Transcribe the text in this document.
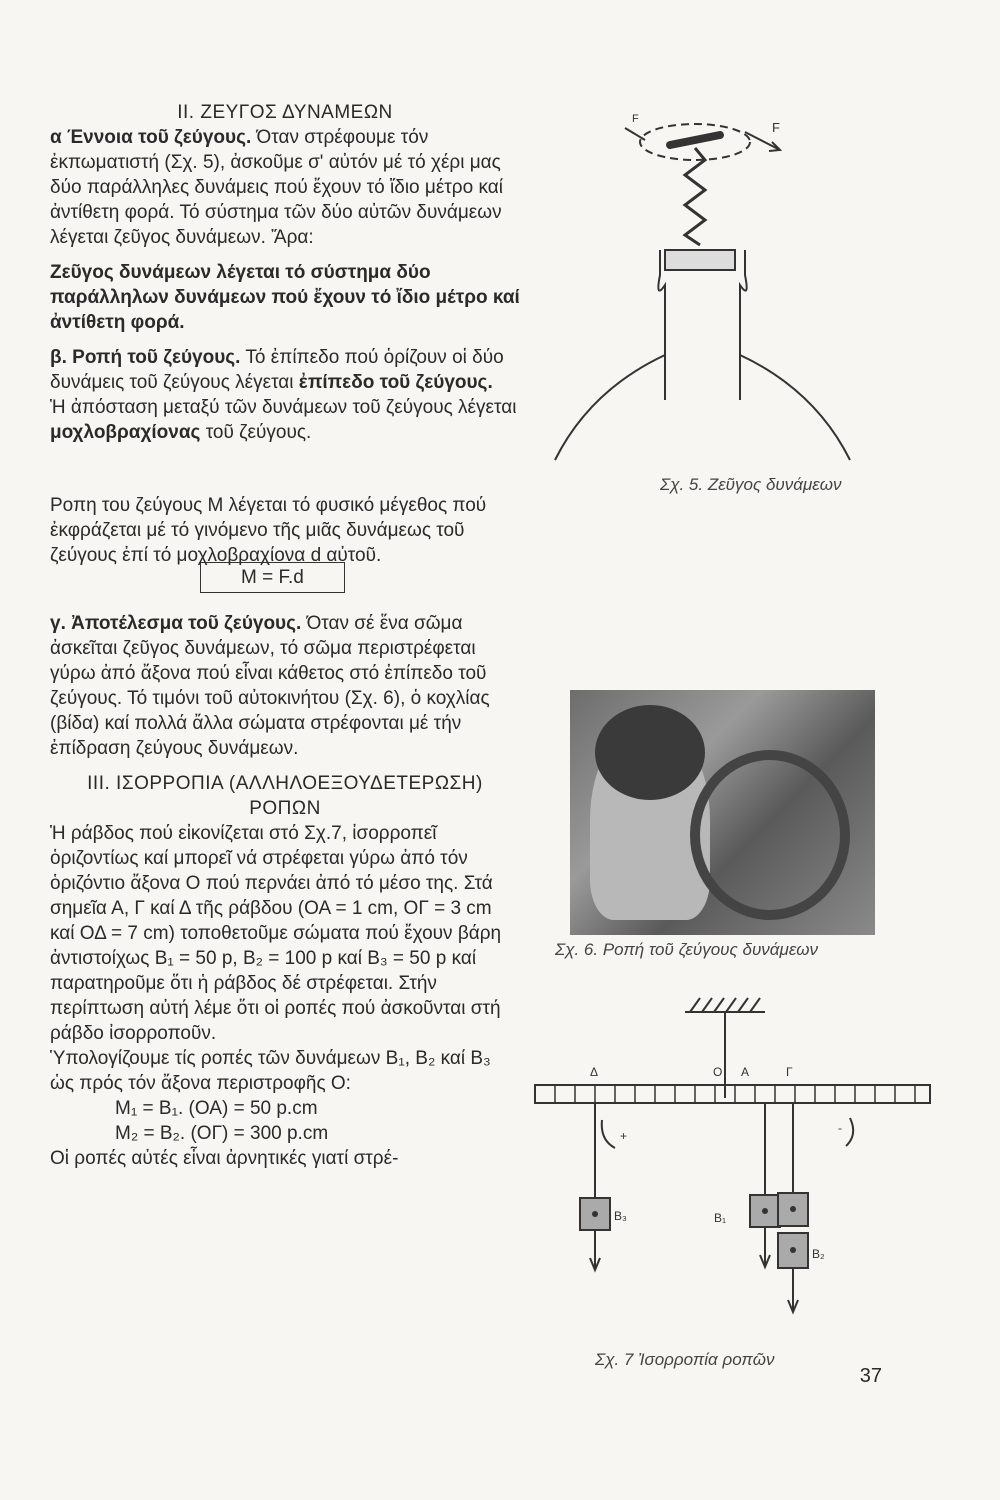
ΙΙ. ΖΕΥΓΟΣ ΔΥΝΑΜΕΩΝ

α Έννοια τοῦ ζεύγους. Όταν στρέφουμε τόν ἐκπωματιστή (Σχ. 5), ἀσκοῦμε σ' αὐτόν μέ τό χέρι μας δύο παράλληλες δυνάμεις πού ἔχουν τό ἴδιο μέτρο καί ἀντίθετη φορά. Τό σύστημα τῶν δύο αὐτῶν δυνάμεων λέγεται ζεῦγος δυνάμεων. Ἄρα:

Ζεῦγος δυνάμεων λέγεται τό σύστημα δύο παράλληλων δυνάμεων πού ἔχουν τό ἴδιο μέτρο καί ἀντίθετη φορά.

β. Ροπή τοῦ ζεύγους. Τό ἐπίπεδο πού ὁρίζουν οἱ δύο δυνάμεις τοῦ ζεύγους λέγεται ἐπίπεδο τοῦ ζεύγους.

Ἡ ἀπόσταση μεταξύ τῶν δυνάμεων τοῦ ζεύγους λέγεται μοχλοβραχίονας τοῦ ζεύγους.

Ροπη του ζεύγους Μ λέγεται τό φυσικό μέγεθος πού ἐκφράζεται μέ τό γινόμενο τῆς μιᾶς δυνάμεως τοῦ ζεύγους ἐπί τό μοχλοβραχίονα d αὐτοῦ.

M = F.d

γ. Ἀποτέλεσμα τοῦ ζεύγους. Όταν σέ ἕνα σῶμα ἀσκεῖται ζεῦγος δυνάμεων, τό σῶμα περιστρέφεται γύρω ἀπό ἄξονα πού εἶναι κάθετος στό ἐπίπεδο τοῦ ζεύγους. Τό τιμόνι τοῦ αὐτοκινήτου (Σχ. 6), ὁ κοχλίας (βίδα) καί πολλά ἄλλα σώματα στρέφονται μέ τήν ἐπίδραση ζεύγους δυνάμεων.

ΙΙΙ. ΙΣΟΡΡΟΠΙΑ (ΑΛΛΗΛΟΕΞΟΥΔΕΤΕΡΩΣΗ)

ΡΟΠΩΝ

Ἡ ράβδος πού εἰκονίζεται στό Σχ.7, ἰσορροπεῖ ὁριζοντίως καί μπορεῖ νά στρέφεται γύρω ἀπό τόν ὁριζόντιο ἄξονα Ο πού περνάει ἀπό τό μέσο της. Στά σημεῖα Α, Γ καί Δ τῆς ράβδου (ΟΑ = 1 cm, ΟΓ = 3 cm καί ΟΔ = 7 cm) τοποθετοῦμε σώματα πού ἔχουν βάρη ἀντιστοίχως B₁ = 50 p, B₂ = 100 p καί B₃ = 50 p καί παρατηροῦμε ὅτι ἡ ράβδος δέ στρέφεται. Στήν περίπτωση αὐτή λέμε ὅτι οἱ ροπές πού ἀσκοῦνται στή ράβδο ἰσορροποῦν.

Ὑπολογίζουμε τίς ροπές τῶν δυνάμεων B₁, B₂ καί B₃ ὡς πρός τόν ἄξονα περιστροφῆς Ο:

M₁ = B₁. (ΟΑ) = 50 p.cm

M₂ = B₂. (ΟΓ) = 300 p.cm

Οἱ ροπές αὐτές εἶναι ἀρνητικές γιατί στρέ-

F
F
Σχ. 5. Ζεῦγος δυνάμεων
Σχ. 6. Ροπή τοῦ ζεύγους δυνάμεων
Δ	Ο Α	Γ
B₃	B₁
B₂
+
-
Σχ. 7 Ἰσορροπία ροπῶν
37
